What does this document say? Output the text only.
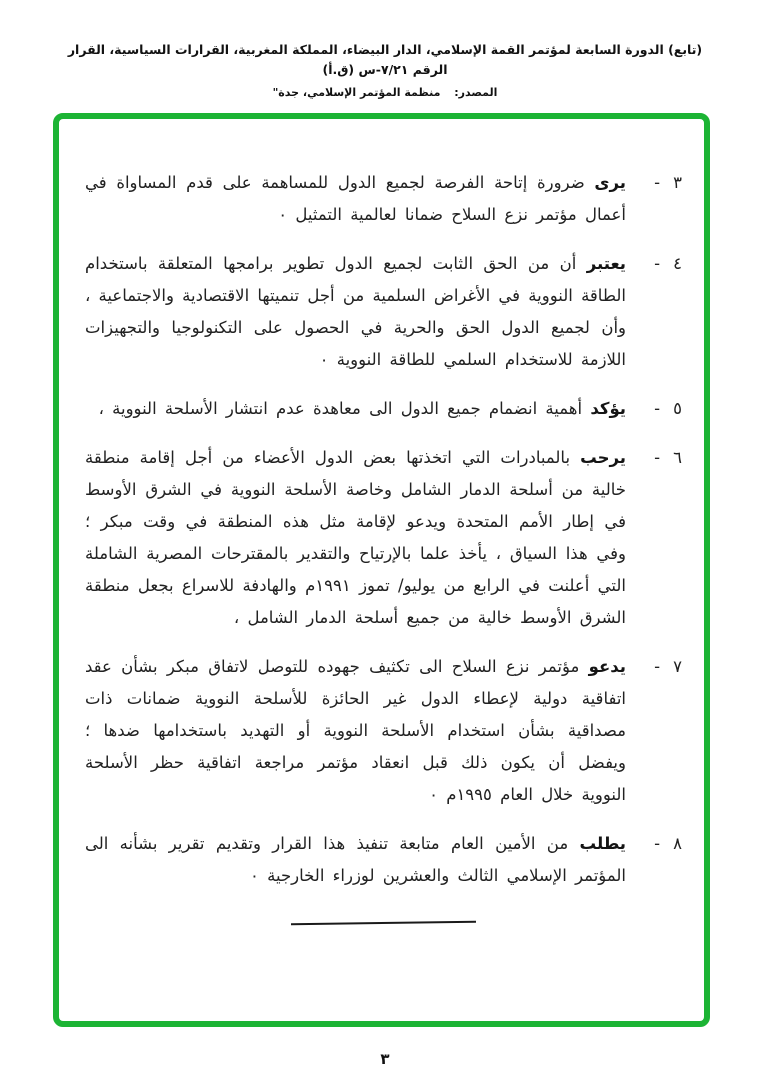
(تابع) الدورة السابعة لمؤتمر القمة الإسلامي، الدار البيضاء، المملكة المغربية، القرارات السياسية، القرار الرقم ٧/٢١-س (ق.أ)
المصدر: منظمة المؤتمر الإسلامي، جدة"
٣
-
يرى ضرورة إتاحة الفرصة لجميع الدول للمساهمة على قدم المساواة في أعمال مؤتمر نزع السلاح ضمانا لعالمية التمثيل ٠
٤
-
يعتبر أن من الحق الثابت لجميع الدول تطوير برامجها المتعلقة باستخدام الطاقة النووية في الأغراض السلمية من أجل تنميتها الاقتصادية والاجتماعية ، وأن لجميع الدول الحق والحرية في الحصول على التكنولوجيا والتجهيزات اللازمة للاستخدام السلمي للطاقة النووية ٠
٥
-
يؤكد أهمية انضمام جميع الدول الى معاهدة عدم انتشار الأسلحة النووية ،
٦
-
يرحب بالمبادرات التي اتخذتها بعض الدول الأعضاء من أجل إقامة منطقة خالية من أسلحة الدمار الشامل وخاصة الأسلحة النووية في الشرق الأوسط في إطار الأمم المتحدة ويدعو لإقامة مثل هذه المنطقة في وقت مبكر ؛ وفي هذا السياق ، يأخذ علما بالإرتياح والتقدير بالمقترحات المصرية الشاملة التي أعلنت في الرابع من يوليو/ تموز ١٩٩١م والهادفة للاسراع بجعل منطقة الشرق الأوسط خالية من جميع أسلحة الدمار الشامل ،
٧
-
يدعو مؤتمر نزع السلاح الى تكثيف جهوده للتوصل لاتفاق مبكر بشأن عقد اتفاقية دولية لإعطاء الدول غير الحائزة للأسلحة النووية ضمانات ذات مصداقية بشأن استخدام الأسلحة النووية أو التهديد باستخدامها ضدها ؛ ويفضل أن يكون ذلك قبل انعقاد مؤتمر مراجعة اتفاقية حظر الأسلحة النووية خلال العام ١٩٩٥م ٠
٨
-
يطلب من الأمين العام متابعة تنفيذ هذا القرار وتقديم تقرير بشأنه الى المؤتمر الإسلامي الثالث والعشرين لوزراء الخارجية ٠
٣
